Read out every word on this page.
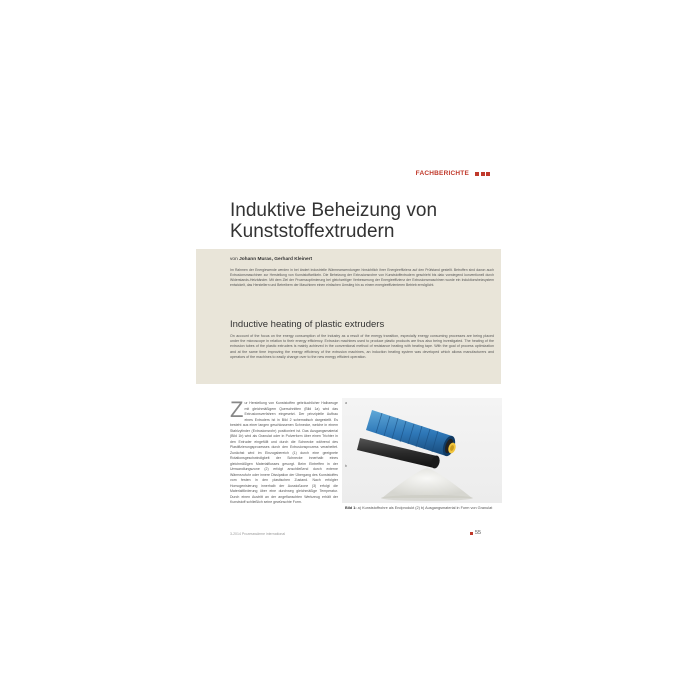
FACHBERICHTE
Induktive Beheizung von Kunststoffextrudern
von Johann Muras, Gerhard Kleinert

Im Rahmen der Energiewende werden in bei ändert industrielle Wärmeanwendungen hinsichtlich ihrer Energieeffizienz auf den Prüfstand gestellt. Betroffen sind davon auch Extrusionsmaschinen zur Herstellung von Kunststoffartikeln. Die Beheizung der Extrusionsrohre von Kunststoffextrudern geschieht bis dato vorwiegend konventionell durch Widerstands-Heizbänder. Mit dem Ziel der Prozessoptimierung bei gleichzeitiger Verbesserung der Energieeffizienz der Extrusionsmaschinen wurde ein Induktionsheizsystem entwickelt, das Herstellern und Betreibern der Maschinen einen einfachen Umstieg hin zu einem energieeffizienteren Betrieb ermöglicht.

Inductive heating of plastic extruders

On account of the focus on the energy consumption of the industry as a result of the energy transition, especially energy consuming processes are being placed under the microscope in relation to their energy efficiency. Extrusion machines used to produce plastic products are thus also being investigated. The heating of the extrusion tubes of the plastic extruders is mainly achieved in the conventional method of resistance heating with heating tape. With the goal of process optimization and at the same time improving the energy efficiency of the extrusion machines, an induction heating system was developed which allows manufacturers and operators of the machines to easily change over to the new energy efficient operation.

Z ur Herstellung von Kunststoffen gebräuchlicher Halbzeuge mit gleichmäßigem Querschnitten (Bild 1a) wird das Extrusionsverfahren eingesetzt. Der prinzipielle Aufbau eines Extruders ist in Bild 2 schematisch dargestellt. Es besteht aus einer langen geschlossenen Schnecke, welche in einem Stahlzylinder (Extrusionsrohr) positioniert ist. Das Ausgangsmaterial (Bild 1b) wird als Granulat oder in Pulverform über einen Trichter in den Extruder eingefüllt und durch die Schnecke während des Plastifizierungsprozesses durch den Extrusionsprozess verarbeitet. Zunächst wird im Einzugsbereich (1) durch eine geeignete Rotationsgeschwindigkeit der Schnecke innerhalb eines gleichmäßigen Materialflusses gesorgt. Beim Eintreffen in der Umwandlungszone (2) erfolgt anschließend durch externe Wärmezufuhr oder innere Dissipation der Übergang des Kunststoffes vom festen in den plastischen Zustand. Nach erfolgter Homogenisierung innerhalb der Ausstoßzone (3) erfolgt die Materialförderung über eine durchweg gleichmäßige Temperatur. Durch einen Austritt an der angeflanschten Werkzeug erhält der Kunststoff schließlich seine gewünschte Form.

a
b

Bild 1: a) Kunststoffrohre als Endprodukt (2) b) Ausgangsmaterial in Form von Granulat

3-2014 Prozesswärme international	55
